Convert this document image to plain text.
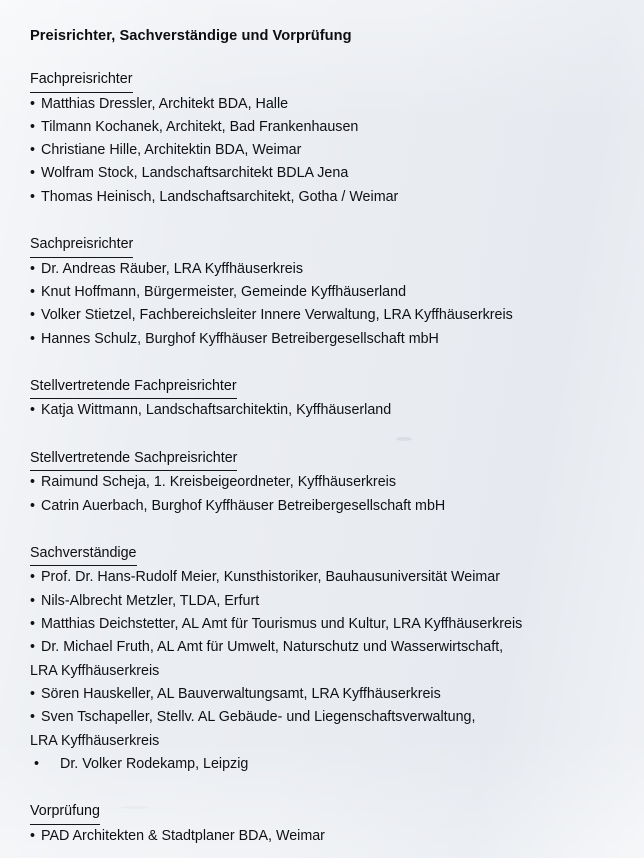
Preisrichter, Sachverständige und Vorprüfung
Fachpreisrichter
• Matthias Dressler, Architekt BDA, Halle
• Tilmann Kochanek, Architekt, Bad Frankenhausen
• Christiane Hille, Architektin BDA, Weimar
• Wolfram Stock, Landschaftsarchitekt BDLA Jena
• Thomas Heinisch, Landschaftsarchitekt, Gotha / Weimar
Sachpreisrichter
• Dr. Andreas Räuber, LRA Kyffhäuserkreis
• Knut Hoffmann, Bürgermeister, Gemeinde Kyffhäuserland
• Volker Stietzel, Fachbereichsleiter Innere Verwaltung, LRA Kyffhäuserkreis
• Hannes Schulz, Burghof Kyffhäuser Betreibergesellschaft mbH
Stellvertretende Fachpreisrichter
• Katja Wittmann, Landschaftsarchitektin, Kyffhäuserland
Stellvertretende Sachpreisrichter
• Raimund Scheja, 1. Kreisbeigeordneter, Kyffhäuserkreis
• Catrin Auerbach, Burghof Kyffhäuser Betreibergesellschaft mbH
Sachverständige
• Prof. Dr. Hans-Rudolf Meier, Kunsthistoriker, Bauhausuniversität Weimar
• Nils-Albrecht Metzler, TLDA, Erfurt
• Matthias Deichstetter, AL Amt für Tourismus und Kultur, LRA Kyffhäuserkreis
• Dr. Michael Fruth, AL Amt für Umwelt, Naturschutz und Wasserwirtschaft,
LRA Kyffhäuserkreis
• Sören Hauskeller, AL Bauverwaltungsamt, LRA Kyffhäuserkreis
• Sven Tschapeller, Stellv. AL Gebäude- und Liegenschaftsverwaltung,
LRA Kyffhäuserkreis
• Dr. Volker Rodekamp, Leipzig
Vorprüfung
• PAD Architekten & Stadtplaner BDA, Weimar
